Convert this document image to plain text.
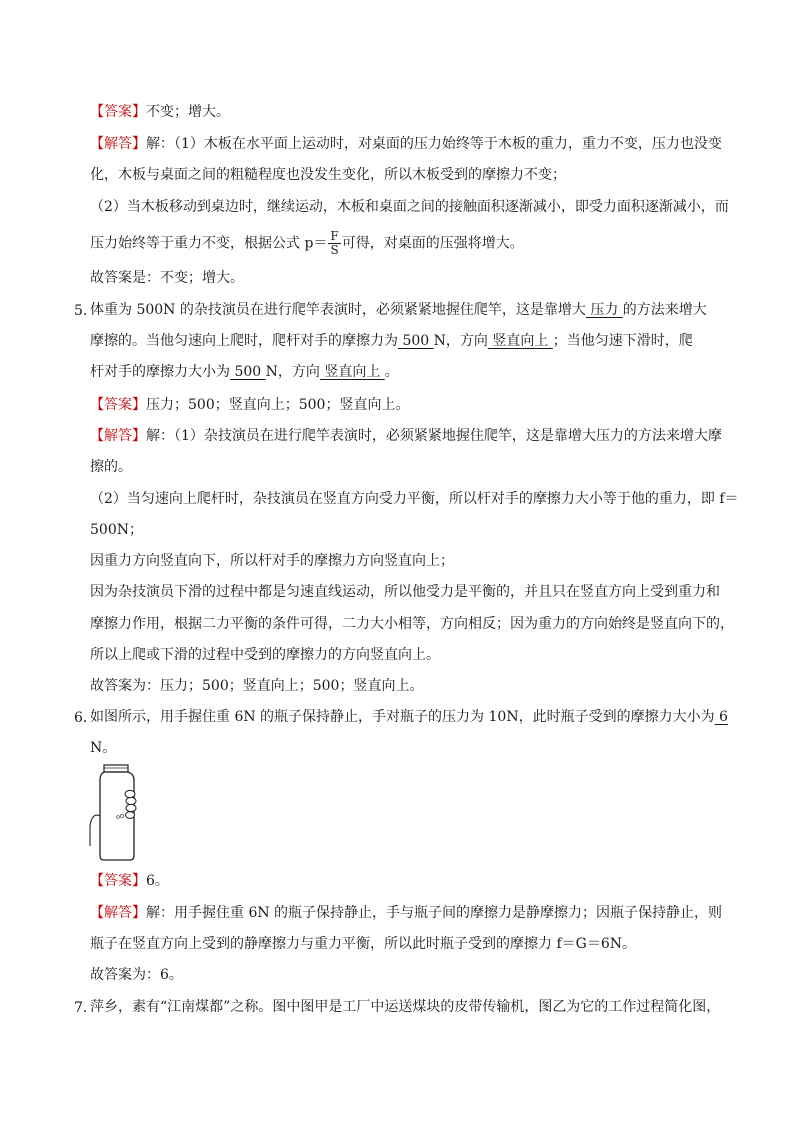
【答案】不变；增大。
【解答】解：（1）木板在水平面上运动时，对桌面的压力始终等于木板的重力，重力不变，压力也没变
化，木板与桌面之间的粗糙程度也没发生变化，所以木板受到的摩擦力不变；
（2）当木板移动到桌边时，继续运动，木板和桌面之间的接触面积逐渐减小，即受力面积逐渐减小，而
压力始终等于重力不变，根据公式 $p= \frac{F}{S}$ 可得，对桌面的压强将增大。
故答案是：不变；增大。
5．
体重为 500N 的杂技演员在进行爬竿表演时，必须紧紧地握住爬竿，这是靠增大 压力 的方法来增大
摩擦的。当他匀速向上爬时，爬杆对手的摩擦力为 500 N，方向 竖直向上 ；当他匀速下滑时，爬
杆对手的摩擦力大小为 500 N，方向 竖直向上 。
【答案】压力；500；竖直向上；500；竖直向上。
【解答】解：（1）杂技演员在进行爬竿表演时，必须紧紧地握住爬竿，这是靠增大压力的方法来增大摩
擦的。
（2）当匀速向上爬杆时，杂技演员在竖直方向受力平衡，所以杆对手的摩擦力大小等于他的重力，即 f＝
500N；
因重力方向竖直向下，所以杆对手的摩擦力方向竖直向上；
因为杂技演员下滑的过程中都是匀速直线运动，所以他受力是平衡的，并且只在竖直方向上受到重力和
摩擦力作用，根据二力平衡的条件可得，二力大小相等，方向相反；因为重力的方向始终是竖直向下的，
所以上爬或下滑的过程中受到的摩擦力的方向竖直向上。
故答案为：压力；500；竖直向上；500；竖直向上。
6．
如图所示，用手握住重 6N 的瓶子保持静止，手对瓶子的压力为 10N，此时瓶子受到的摩擦力大小为 6
N。
【答案】6。
【解答】解：用手握住重 6N 的瓶子保持静止，手与瓶子间的摩擦力是静摩擦力；因瓶子保持静止，则
瓶子在竖直方向上受到的静摩擦力与重力平衡，所以此时瓶子受到的摩擦力 f＝G＝6N。
故答案为：6。
7．
萍乡，素有“江南煤都”之称。图中图甲是工厂中运送煤块的皮带传输机，图乙为它的工作过程简化图，
